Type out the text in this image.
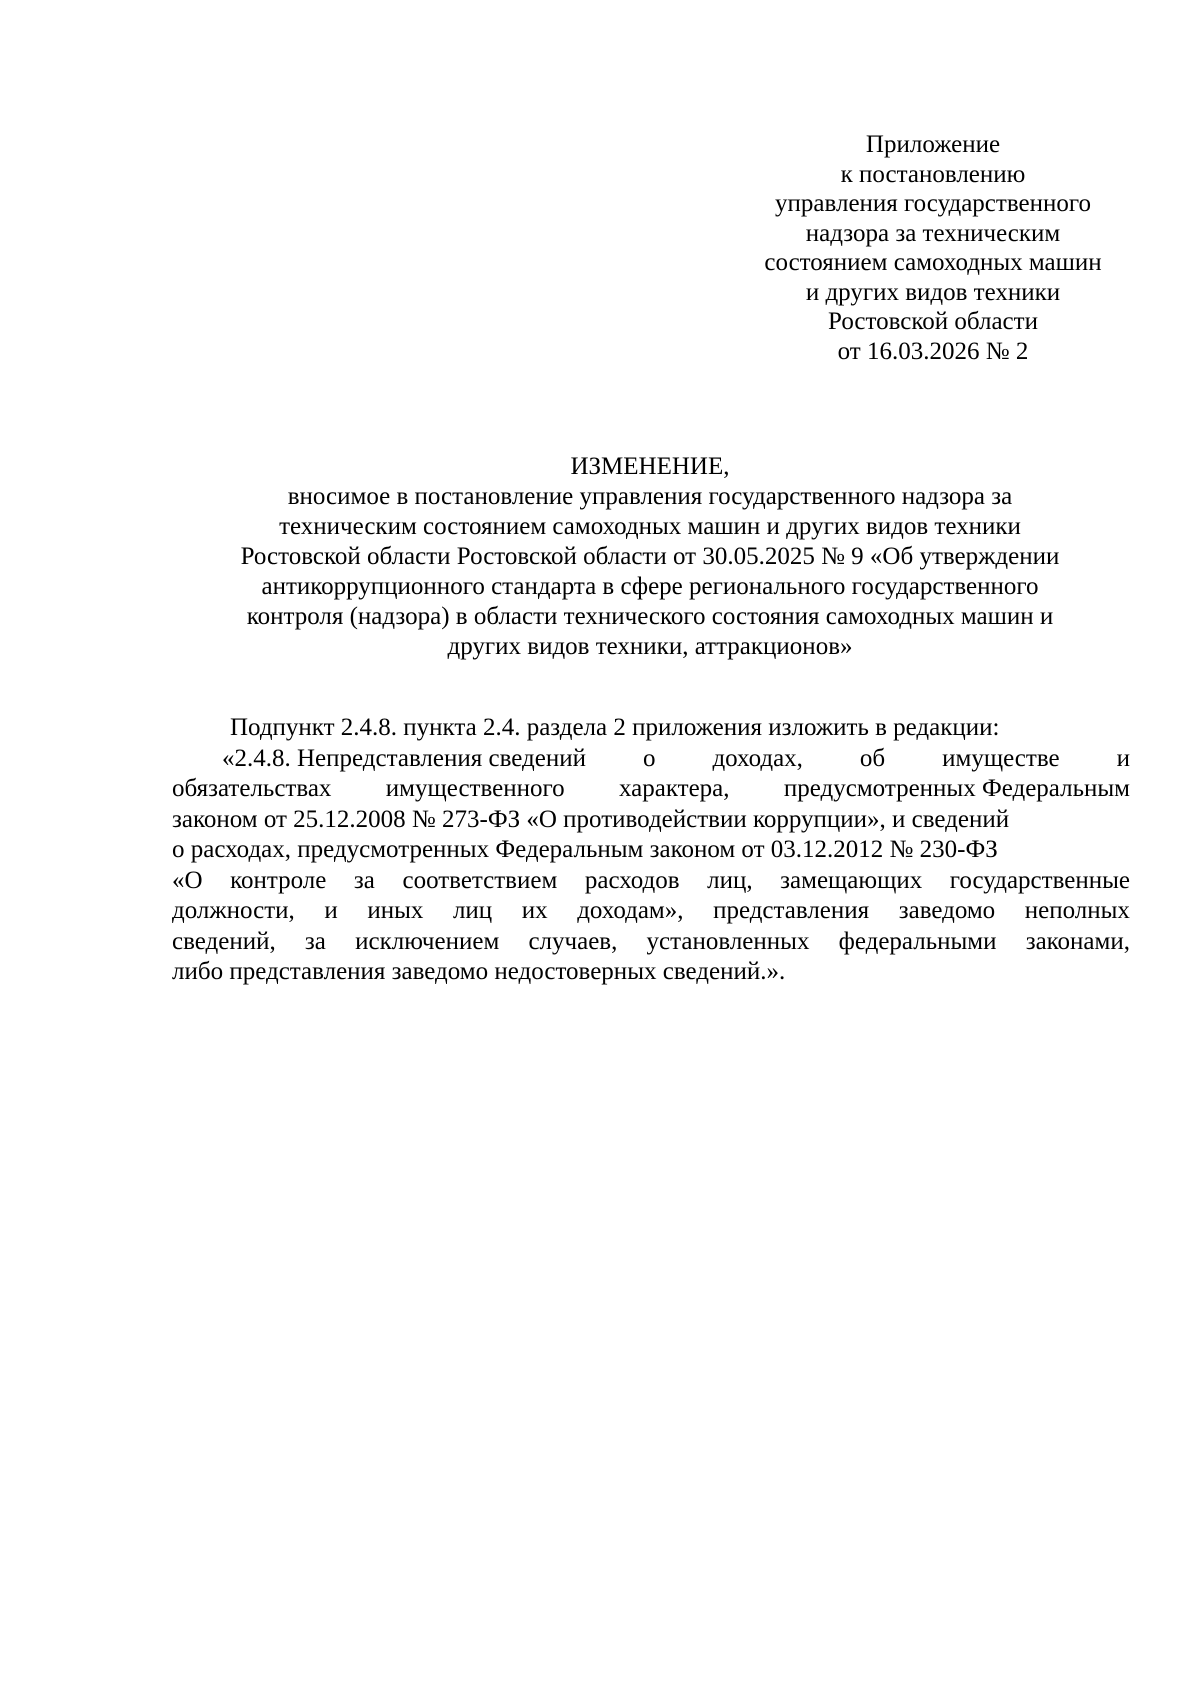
Приложение
к постановлению
управления государственного
надзора за техническим
состоянием самоходных машин
и других видов техники
Ростовской области
от 16.03.2026 № 2
ИЗМЕНЕНИЕ,
вносимое в постановление управления государственного надзора за
техническим состоянием самоходных машин и других видов техники
Ростовской области Ростовской области от 30.05.2025 № 9 «Об утверждении
антикоррупционного стандарта в сфере регионального государственного
контроля (надзора) в области технического состояния самоходных машин и
других видов техники, аттракционов»
Подпункт 2.4.8. пункта 2.4. раздела 2 приложения изложить в редакции:
«2.4.8. Непредставления сведений о доходах, об имуществе и
обязательствах имущественного характера, предусмотренных Федеральным
законом от 25.12.2008 № 273-ФЗ «О противодействии коррупции», и сведений
о расходах, предусмотренных Федеральным законом от 03.12.2012 № 230-ФЗ
«О контроле за соответствием расходов лиц, замещающих государственные
должности, и иных лиц их доходам», представления заведомо неполных
сведений, за исключением случаев, установленных федеральными законами,
либо представления заведомо недостоверных сведений.».
